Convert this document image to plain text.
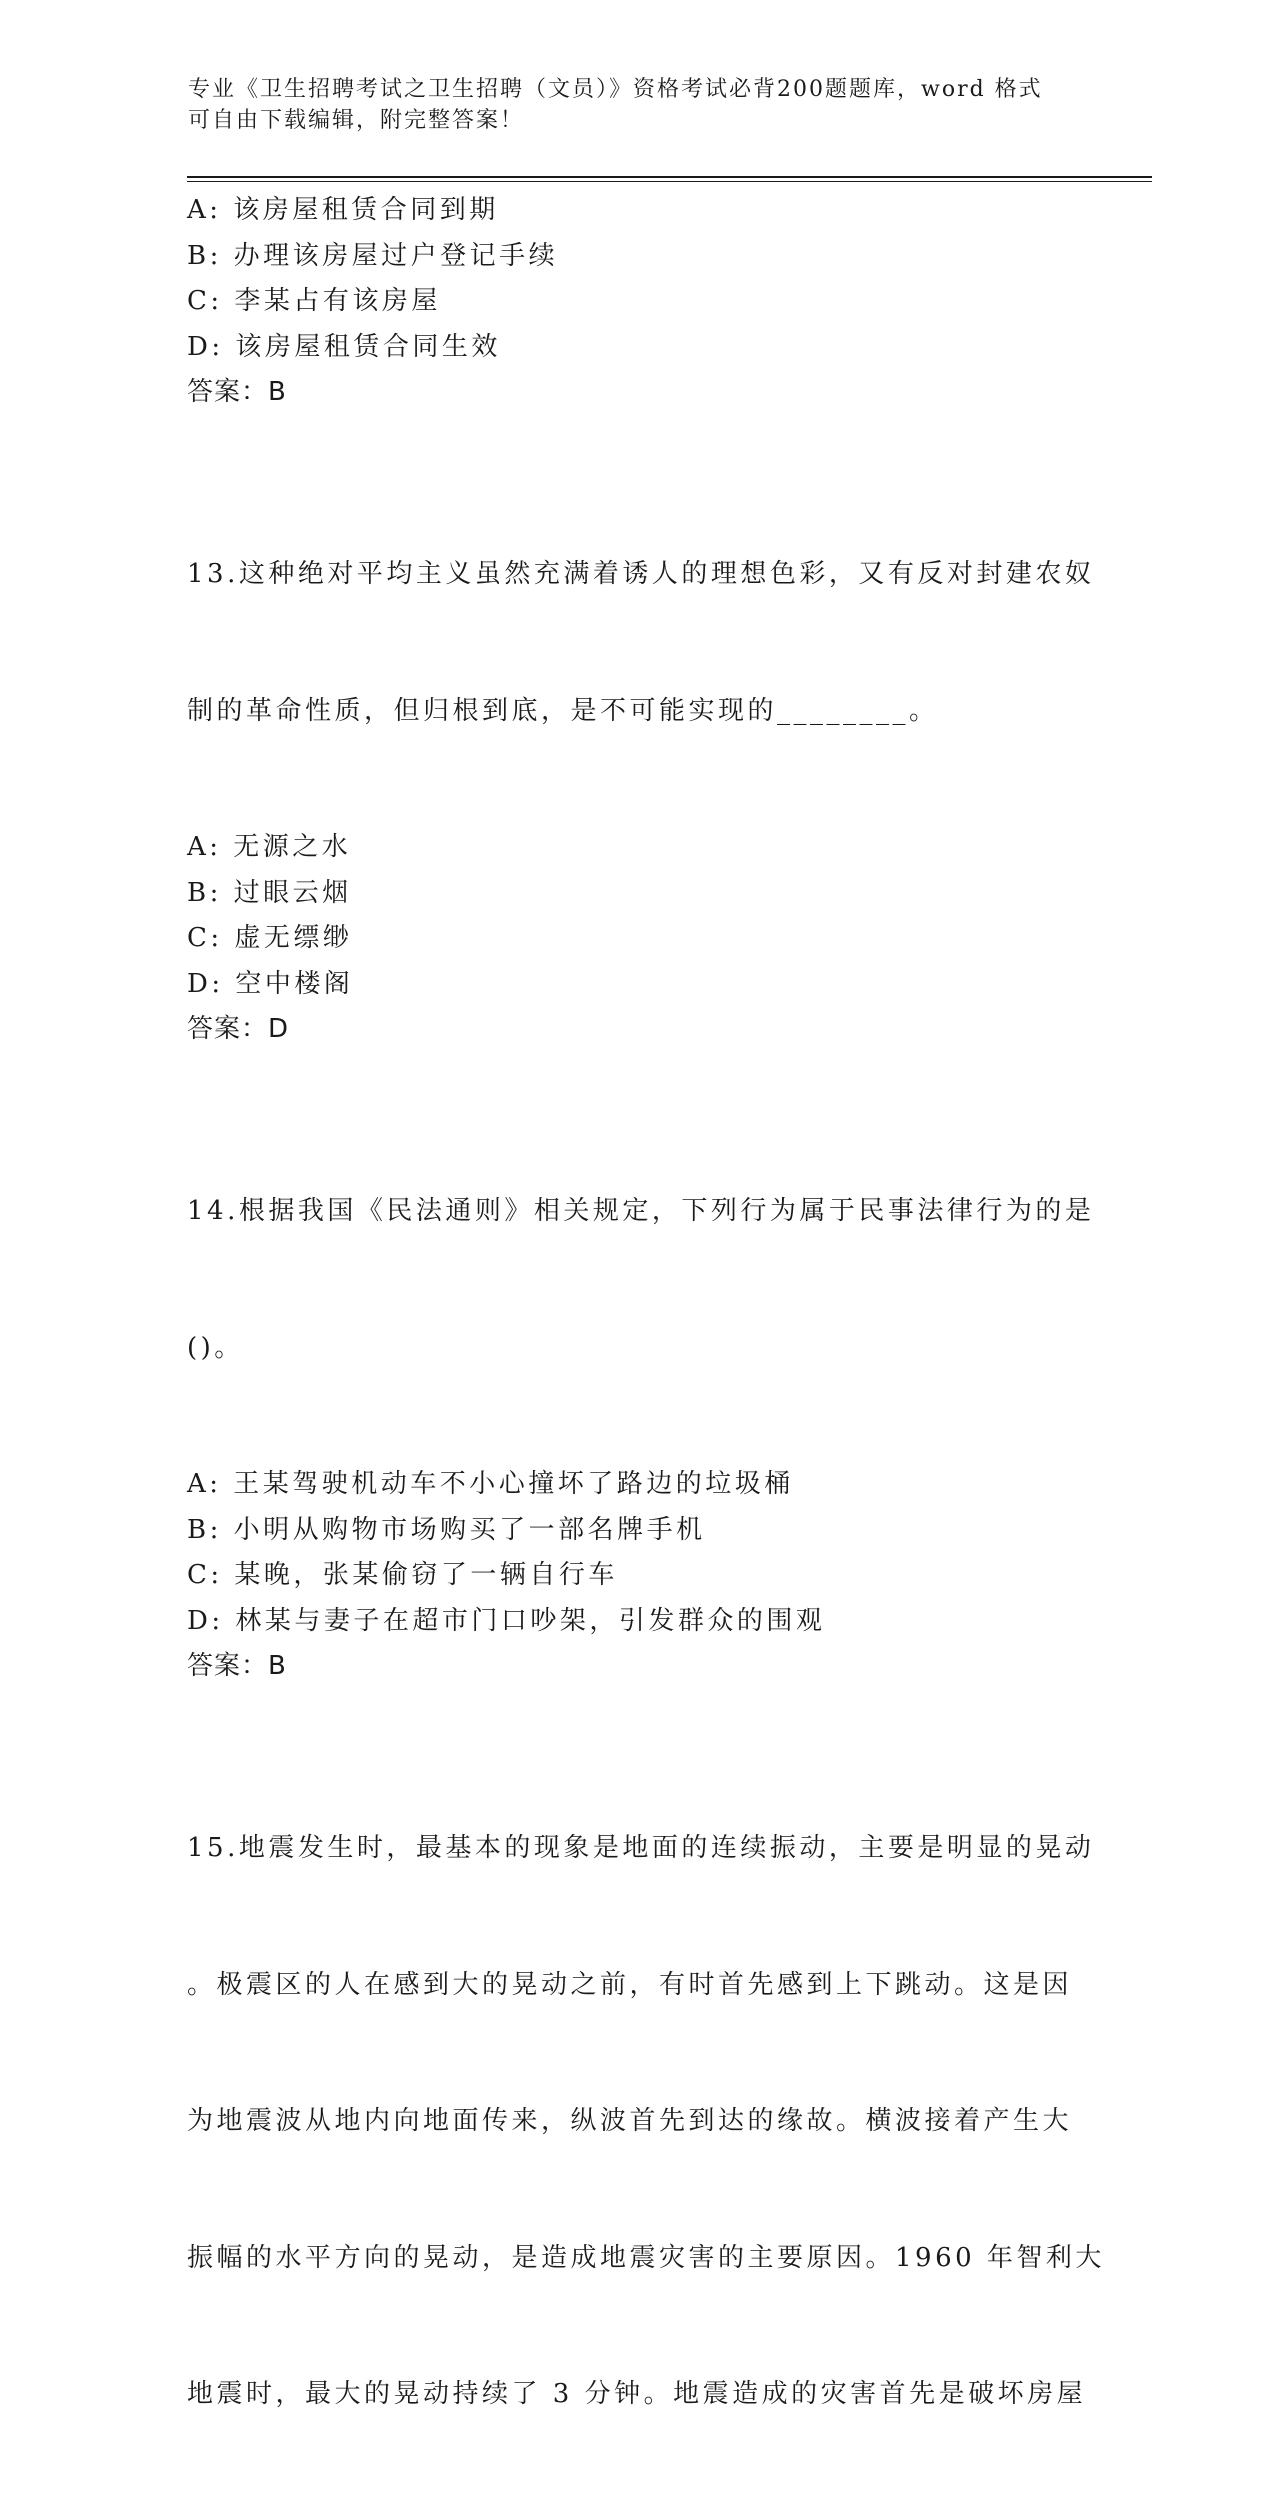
专业《卫生招聘考试之卫生招聘（文员）》资格考试必背200题题库，word 格式
可自由下载编辑，附完整答案！
A: 该房屋租赁合同到期
B: 办理该房屋过户登记手续
C: 李某占有该房屋
D: 该房屋租赁合同生效
答案：B

13.这种绝对平均主义虽然充满着诱人的理想色彩，又有反对封建农奴

制的革命性质，但归根到底，是不可能实现的________。

A: 无源之水
B: 过眼云烟
C: 虚无缥缈
D: 空中楼阁
答案：D

14.根据我国《民法通则》相关规定，下列行为属于民事法律行为的是

()。

A: 王某驾驶机动车不小心撞坏了路边的垃圾桶
B: 小明从购物市场购买了一部名牌手机
C: 某晚，张某偷窃了一辆自行车
D: 林某与妻子在超市门口吵架，引发群众的围观
答案：B

15.地震发生时，最基本的现象是地面的连续振动，主要是明显的晃动

。极震区的人在感到大的晃动之前，有时首先感到上下跳动。这是因

为地震波从地内向地面传来，纵波首先到达的缘故。横波接着产生大

振幅的水平方向的晃动，是造成地震灾害的主要原因。1960 年智利大

地震时，最大的晃动持续了 3 分钟。地震造成的灾害首先是破坏房屋
